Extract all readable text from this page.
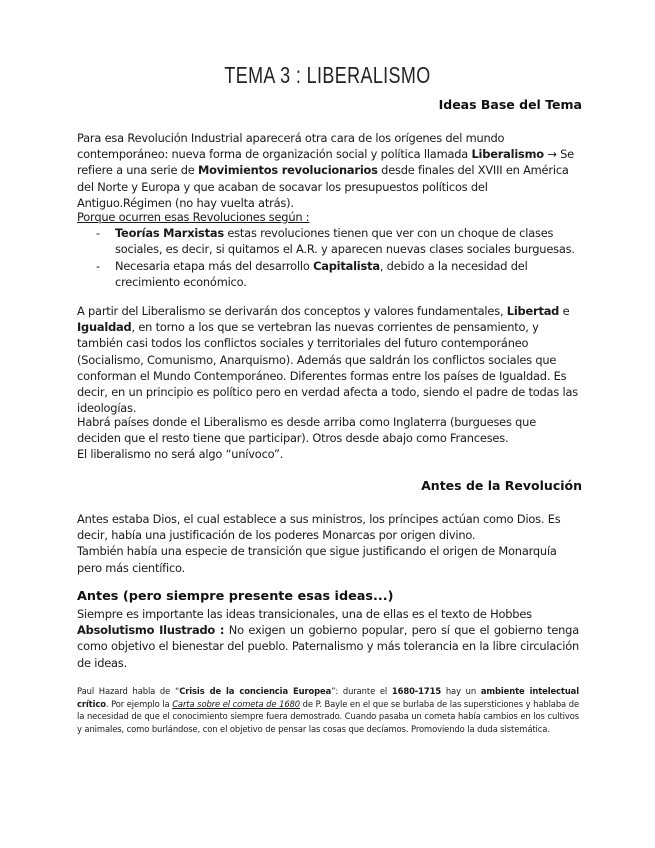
TEMA 3 : LIBERALISMO
Ideas Base del Tema

Para esa Revolución Industrial aparecerá otra cara de los orígenes del mundo contemporáneo: nueva forma de organización social y política llamada Liberalismo → Se refiere a una serie de Movimientos revolucionarios desde finales del XVIII en América del Norte y Europa y que acaban de socavar los presupuestos políticos del Antiguo.Régimen (no hay vuelta atrás).

Porque ocurren esas Revoluciones según :

- Teorías Marxistas estas revoluciones tienen que ver con un choque de clases sociales, es decir, si quitamos el A.R. y aparecen nuevas clases sociales burguesas.
- Necesaria etapa más del desarrollo Capitalista, debido a la necesidad del crecimiento económico.

A partir del Liberalismo se derivarán dos conceptos y valores fundamentales, Libertad e Igualdad, en torno a los que se vertebran las nuevas corrientes de pensamiento, y también casi todos los conflictos sociales y territoriales del futuro contemporáneo (Socialismo, Comunismo, Anarquismo). Además que saldrán los conflictos sociales que conforman el Mundo Contemporáneo. Diferentes formas entre los países de Igualdad. Es decir, en un principio es político pero en verdad afecta a todo, siendo el padre de todas las ideologías.

Habrá países donde el Liberalismo es desde arriba como Inglaterra (burgueses que deciden que el resto tiene que participar). Otros desde abajo como Franceses.

El liberalismo no será algo “unívoco”.

Antes de la Revolución

Antes estaba Dios, el cual establece a sus ministros, los príncipes actúan como Dios. Es decir, había una justificación de los poderes Monarcas por origen divino.

También había una especie de transición que sigue justificando el origen de Monarquía pero más científico.

Antes (pero siempre presente esas ideas...)

Siempre es importante las ideas transicionales, una de ellas es el texto de Hobbes

Absolutismo Ilustrado : No exigen un gobierno popular, pero sí que el gobierno tenga como objetivo el bienestar del pueblo. Paternalismo y más tolerancia en la libre circulación de ideas.

Paul Hazard habla de “Crisis de la conciencia Europea”: durante el 1680-1715 hay un ambiente intelectual crítico. Por ejemplo la Carta sobre el cometa de 1680 de P. Bayle en el que se burlaba de las supersticiones y hablaba de la necesidad de que el conocimiento siempre fuera demostrado. Cuando pasaba un cometa había cambios en los cultivos y animales, como burlándose, con el objetivo de pensar las cosas que decíamos. Promoviendo la duda sistemática.
